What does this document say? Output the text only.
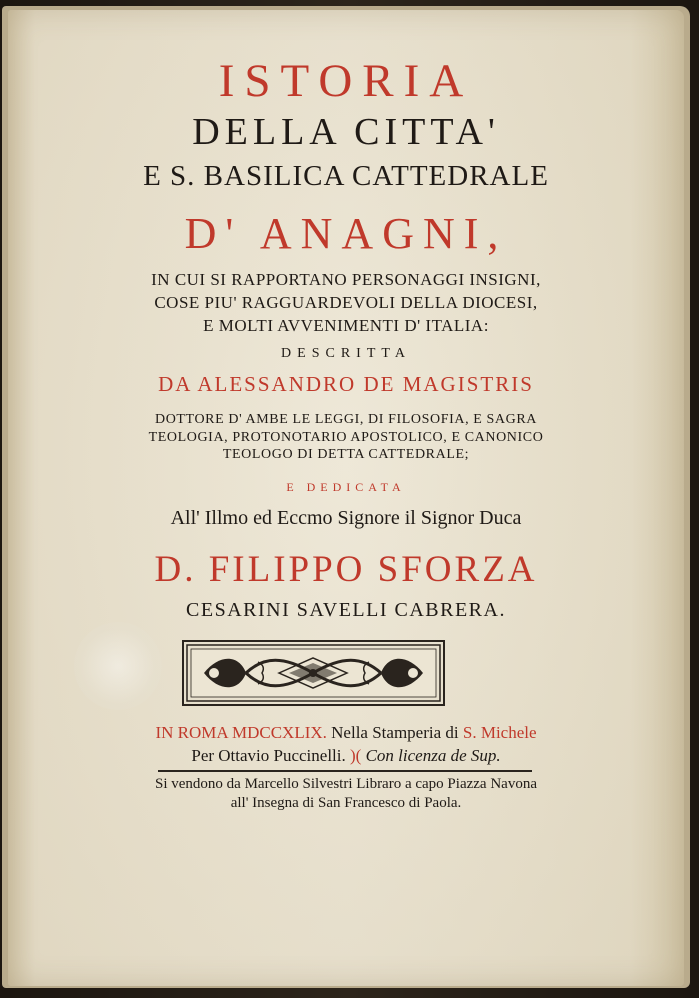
ISTORIA
DELLA CITTA'
E S. BASILICA CATTEDRALE
D' ANAGNI,
IN CUI SI RAPPORTANO PERSONAGGI INSIGNI,
COSE PIU' RAGGUARDEVOLI DELLA DIOCESI,
E MOLTI AVVENIMENTI D' ITALIA:
DESCRITTA
DA ALESSANDRO DE MAGISTRIS
DOTTORE D' AMBE LE LEGGI, DI FILOSOFIA, E SAGRA
TEOLOGIA, PROTONOTARIO APOSTOLICO, E CANONICO
TEOLOGO DI DETTA CATTEDRALE;
E DEDICATA
All' Illmo ed Eccmo Signore il Signor Duca
D. FILIPPO SFORZA
CESARINI SAVELLI CABRERA.
IN ROMA MDCCXLIX. Nella Stamperia di S. Michele
Per Ottavio Puccinelli. )( Con licenza de Sup.
Si vendono da Marcello Silvestri Libraro a capo Piazza Navona
all' Insegna di San Francesco di Paola.
